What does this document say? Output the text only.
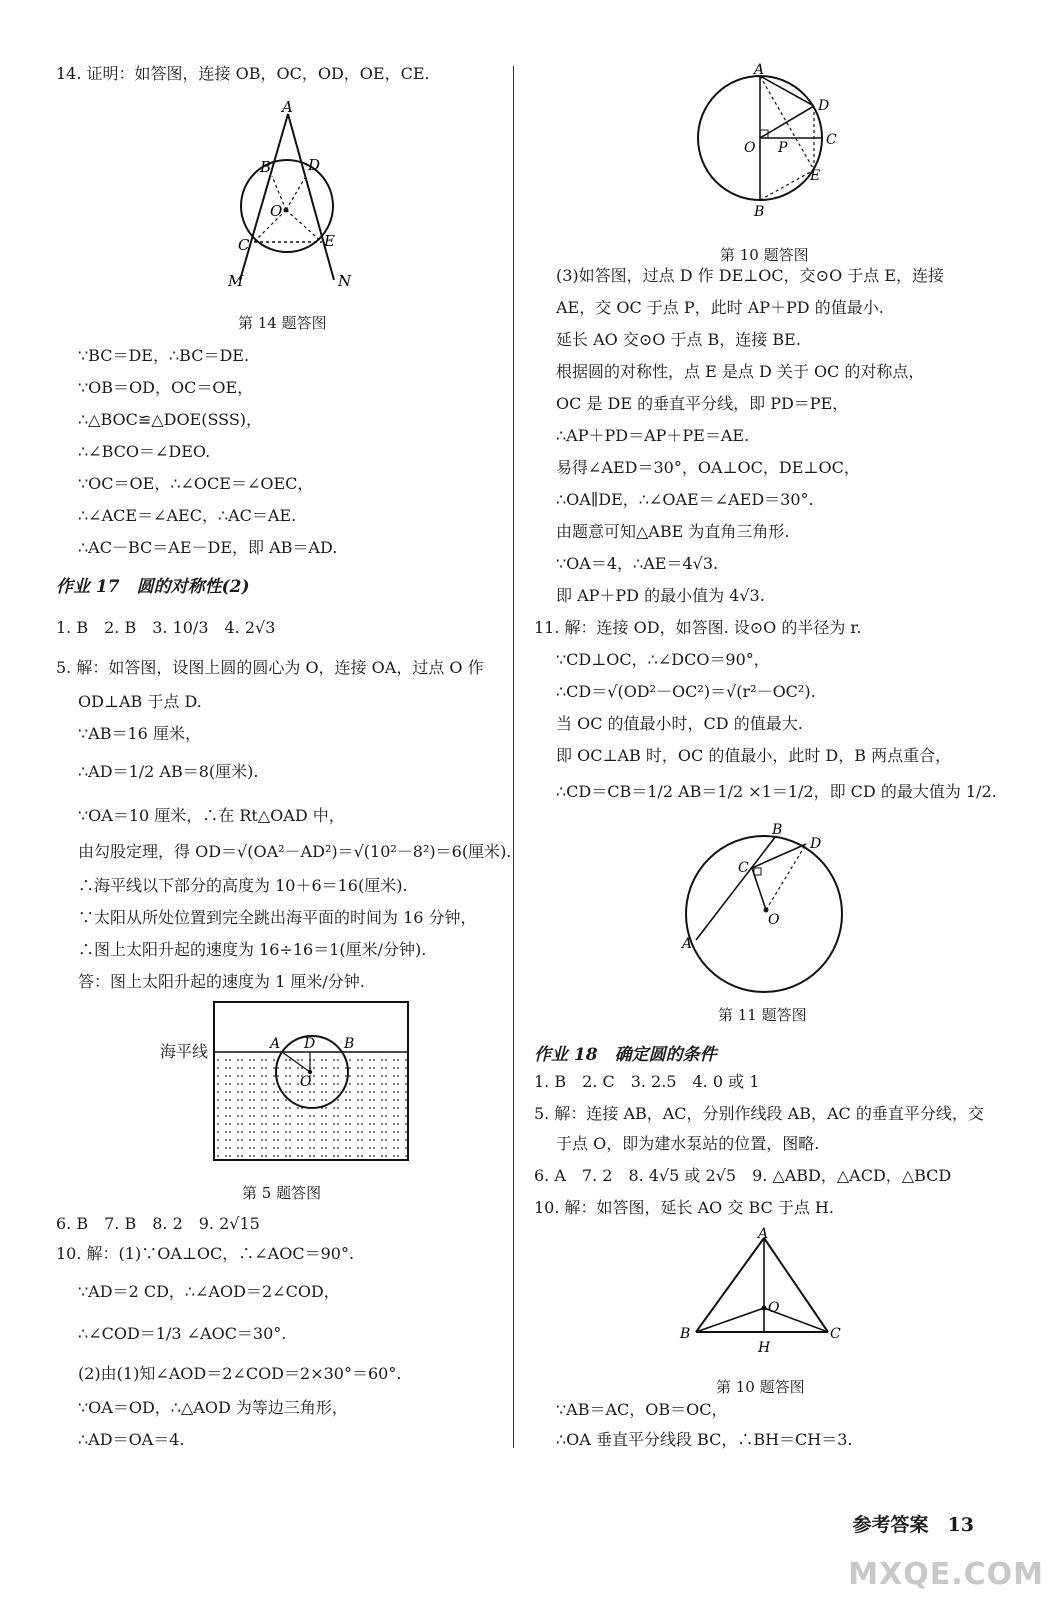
14. 证明：如答图，连接 OB，OC，OD，OE，CE.
A
B D
O
C	E
M	N
第 14 题答图
∵BC＝DE，∴BC＝DE.
∵OB＝OD，OC＝OE，
∴△BOC≌△DOE(SSS)，
∴∠BCO＝∠DEO.
∵OC＝OE，∴∠OCE＝∠OEC，
∴∠ACE＝∠AEC，∴AC＝AE.
∴AC－BC＝AE－DE，即 AB＝AD.
作业 17　圆的对称性(2)
1. B　2. B　3. 10/3　4. 2√3
5. 解：如答图，设图上圆的圆心为 O，连接 OA，过点 O 作
OD⊥AB 于点 D.
∵AB＝16 厘米，
∴AD＝1/2 AB＝8(厘米).
∵OA＝10 厘米，∴在 Rt△OAD 中，
由勾股定理，得 OD＝√(OA²－AD²)＝√(10²－8²)＝6(厘米).
∴海平线以下部分的高度为 10＋6＝16(厘米).
∵太阳从所处位置到完全跳出海平面的时间为 16 分钟，
∴图上太阳升起的速度为 16÷16＝1(厘米/分钟).
答：图上太阳升起的速度为 1 厘米/分钟.
海平线	A D B
O
第 5 题答图
6. B　7. B　8. 2　9. 2√15
10. 解：(1)∵OA⊥OC，∴∠AOC＝90°.
∵AD＝2 CD，∴∠AOD＝2∠COD，
∴∠COD＝1/3 ∠AOC＝30°.
(2)由(1)知∠AOD＝2∠COD＝2×30°＝60°.
∵OA＝OD，∴△AOD 为等边三角形，
∴AD＝OA＝4.
A
D
C
O P
E
B
第 10 题答图
(3)如答图，过点 D 作 DE⊥OC，交⊙O 于点 E，连接
AE，交 OC 于点 P，此时 AP＋PD 的值最小.
延长 AO 交⊙O 于点 B，连接 BE.
根据圆的对称性，点 E 是点 D 关于 OC 的对称点，
OC 是 DE 的垂直平分线，即 PD＝PE，
∴AP＋PD＝AP＋PE＝AE.
易得∠AED＝30°，OA⊥OC，DE⊥OC，
∴OA∥DE，∴∠OAE＝∠AED＝30°.
由题意可知△ABE 为直角三角形.
∵OA＝4，∴AE＝4√3.
即 AP＋PD 的最小值为 4√3.
11. 解：连接 OD，如答图. 设⊙O 的半径为 r.
∵CD⊥OC，∴∠DCO＝90°，
∴CD＝√(OD²－OC²)＝√(r²－OC²).
当 OC 的值最小时，CD 的值最大.
即 OC⊥AB 时，OC 的值最小，此时 D，B 两点重合，
∴CD＝CB＝1/2 AB＝1/2 ×1＝1/2，即 CD 的最大值为 1/2.
B
D
C
O
A
第 11 题答图
作业 18　确定圆的条件
1. B　2. C　3. 2.5　4. 0 或 1
5. 解：连接 AB，AC，分别作线段 AB，AC 的垂直平分线，交
于点 O，即为建水泵站的位置，图略.
6. A　7. 2　8. 4√5 或 2√5　9. △ABD，△ACD，△BCD
10. 解：如答图，延长 AO 交 BC 于点 H.
A
O
B	C
H
第 10 题答图
∵AB＝AC，OB＝OC，
∴OA 垂直平分线段 BC，∴BH＝CH＝3.
参考答案　13
MXQE.COM
